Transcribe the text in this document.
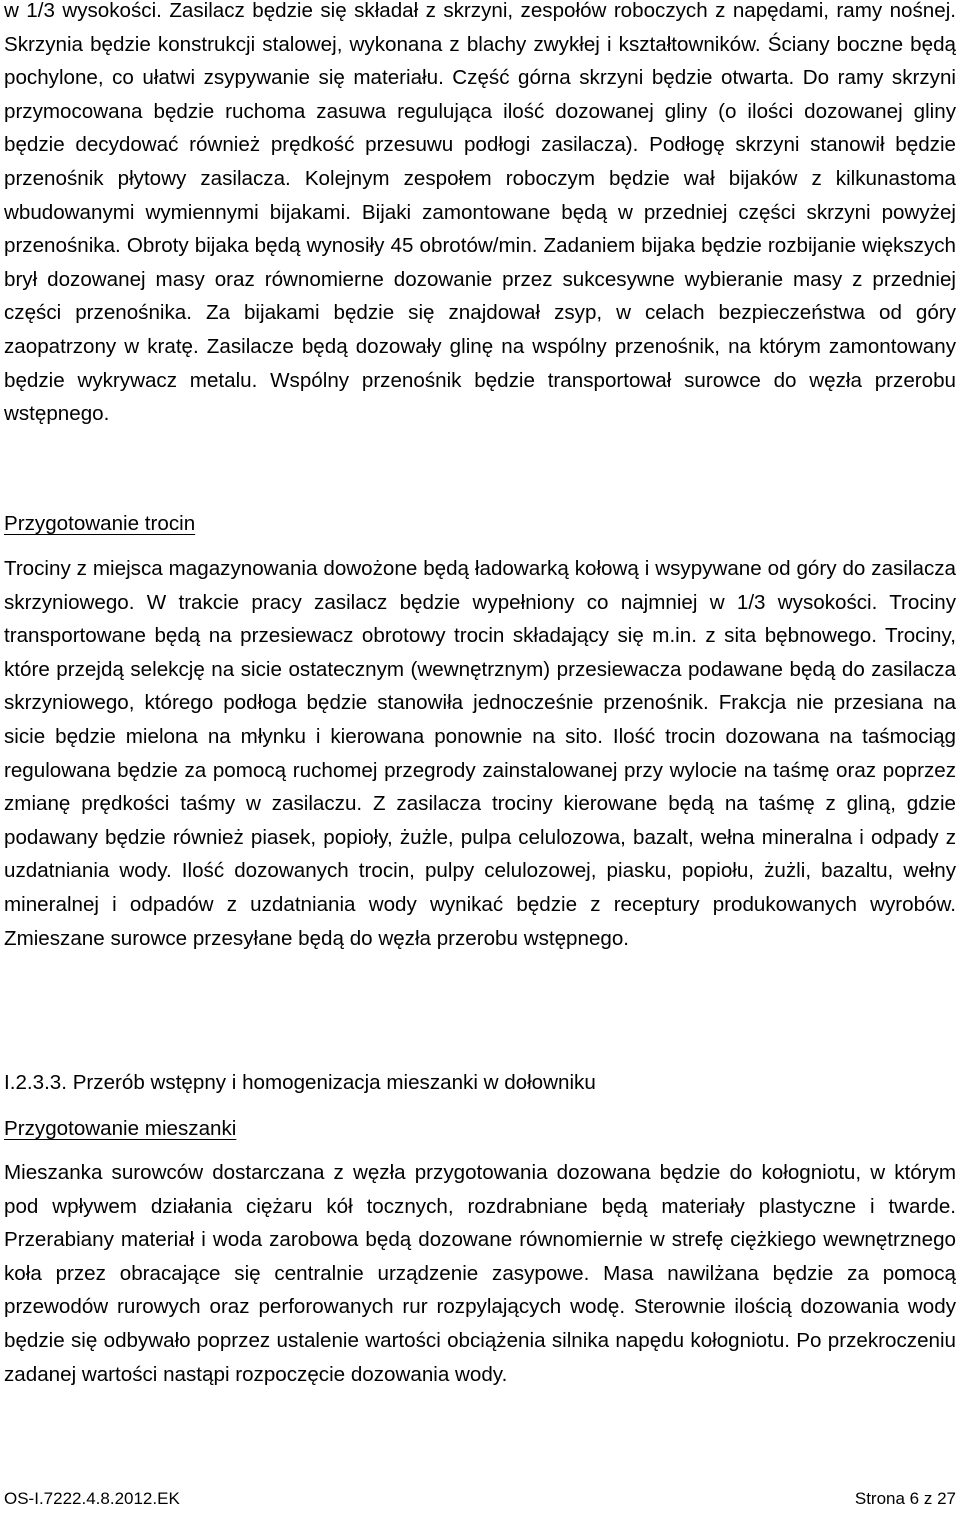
w 1/3 wysokości. Zasilacz będzie się składał z skrzyni, zespołów roboczych z napędami, ramy nośnej. Skrzynia będzie konstrukcji stalowej, wykonana z blachy zwykłej i kształtowników. Ściany boczne będą pochylone, co ułatwi zsypywanie się materiału. Część górna skrzyni będzie otwarta. Do ramy skrzyni przymocowana będzie ruchoma zasuwa regulująca ilość dozowanej gliny (o ilości dozowanej gliny będzie decydować również prędkość przesuwu podłogi zasilacza). Podłogę skrzyni stanowił będzie przenośnik płytowy zasilacza. Kolejnym zespołem roboczym będzie wał bijaków z kilkunastoma wbudowanymi wymiennymi bijakami. Bijaki zamontowane będą w przedniej części skrzyni powyżej przenośnika. Obroty bijaka będą wynosiły 45 obrotów/min. Zadaniem bijaka będzie rozbijanie większych brył dozowanej masy oraz równomierne dozowanie przez sukcesywne wybieranie masy z przedniej części przenośnika. Za bijakami będzie się znajdował zsyp, w celach bezpieczeństwa od góry zaopatrzony w kratę. Zasilacze będą dozowały glinę na wspólny przenośnik, na którym zamontowany będzie wykrywacz metalu. Wspólny przenośnik będzie transportował surowce do węzła przerobu wstępnego.

Przygotowanie trocin

Trociny z miejsca magazynowania dowożone będą ładowarką kołową i wsypywane od góry do zasilacza skrzyniowego. W trakcie pracy zasilacz będzie wypełniony co najmniej w 1/3 wysokości. Trociny transportowane będą na przesiewacz obrotowy trocin składający się m.in. z sita bębnowego. Trociny, które przejdą selekcję na sicie ostatecznym (wewnętrznym) przesiewacza podawane będą do zasilacza skrzyniowego, którego podłoga będzie stanowiła jednocześnie przenośnik. Frakcja nie przesiana na sicie będzie mielona na młynku i kierowana ponownie na sito. Ilość trocin dozowana na taśmociąg regulowana będzie za pomocą ruchomej przegrody zainstalowanej przy wylocie na taśmę oraz poprzez zmianę prędkości taśmy w zasilaczu. Z zasilacza trociny kierowane będą na taśmę z gliną, gdzie podawany będzie również piasek, popioły, żużle, pulpa celulozowa, bazalt, wełna mineralna i odpady z uzdatniania wody. Ilość dozowanych trocin, pulpy celulozowej, piasku, popiołu, żużli, bazaltu, wełny mineralnej i odpadów z uzdatniania wody wynikać będzie z receptury produkowanych wyrobów. Zmieszane surowce przesyłane będą do węzła przerobu wstępnego.

I.2.3.3. Przerób wstępny i homogenizacja mieszanki w dołowniku
Przygotowanie mieszanki

Mieszanka surowców dostarczana z węzła przygotowania dozowana będzie do kołogniotu, w którym pod wpływem działania ciężaru kół tocznych, rozdrabniane będą materiały plastyczne i twarde. Przerabiany materiał i woda zarobowa będą dozowane równomiernie w strefę ciężkiego wewnętrznego koła przez obracające się centralnie urządzenie zasypowe. Masa nawilżana będzie za pomocą przewodów rurowych oraz perforowanych rur rozpylających wodę. Sterownie ilością dozowania wody będzie się odbywało poprzez ustalenie wartości obciążenia silnika napędu kołogniotu. Po przekroczeniu zadanej wartości nastąpi rozpoczęcie dozowania wody.

OS-I.7222.4.8.2012.EK	Strona 6 z 27
